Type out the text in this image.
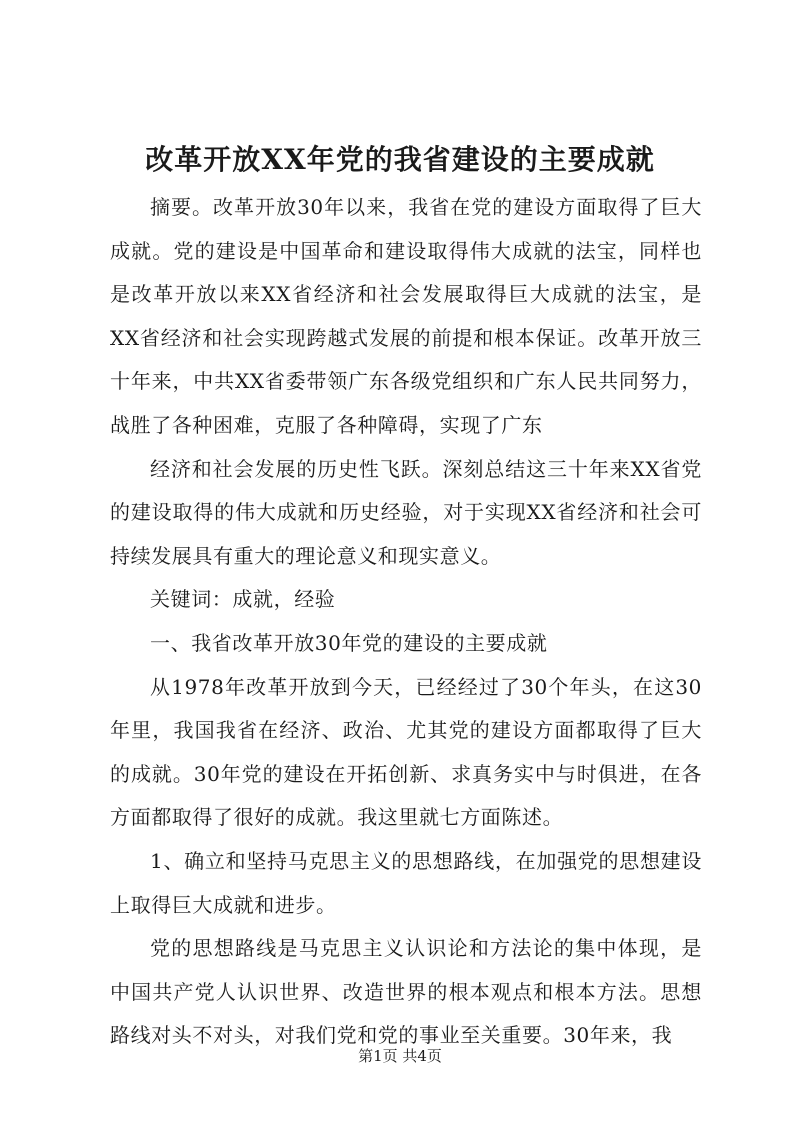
改革开放XX年党的我省建设的主要成就

摘要。改革开放30年以来，我省在党的建设方面取得了巨大成就。党的建设是中国革命和建设取得伟大成就的法宝，同样也是改革开放以来XX省经济和社会发展取得巨大成就的法宝，是XX省经济和社会实现跨越式发展的前提和根本保证。改革开放三十年来，中共XX省委带领广东各级党组织和广东人民共同努力，战胜了各种困难，克服了各种障碍，实现了广东

经济和社会发展的历史性飞跃。深刻总结这三十年来XX省党的建设取得的伟大成就和历史经验，对于实现XX省经济和社会可持续发展具有重大的理论意义和现实意义。

关键词：成就，经验

一、我省改革开放30年党的建设的主要成就

从1978年改革开放到今天，已经经过了30个年头，在这30年里，我国我省在经济、政治、尤其党的建设方面都取得了巨大的成就。30年党的建设在开拓创新、求真务实中与时俱进，在各方面都取得了很好的成就。我这里就七方面陈述。

1、确立和坚持马克思主义的思想路线，在加强党的思想建设上取得巨大成就和进步。

党的思想路线是马克思主义认识论和方法论的集中体现，是中国共产党人认识世界、改造世界的根本观点和根本方法。思想路线对头不对头，对我们党和党的事业至关重要。30年来，我

第1页 共4页
